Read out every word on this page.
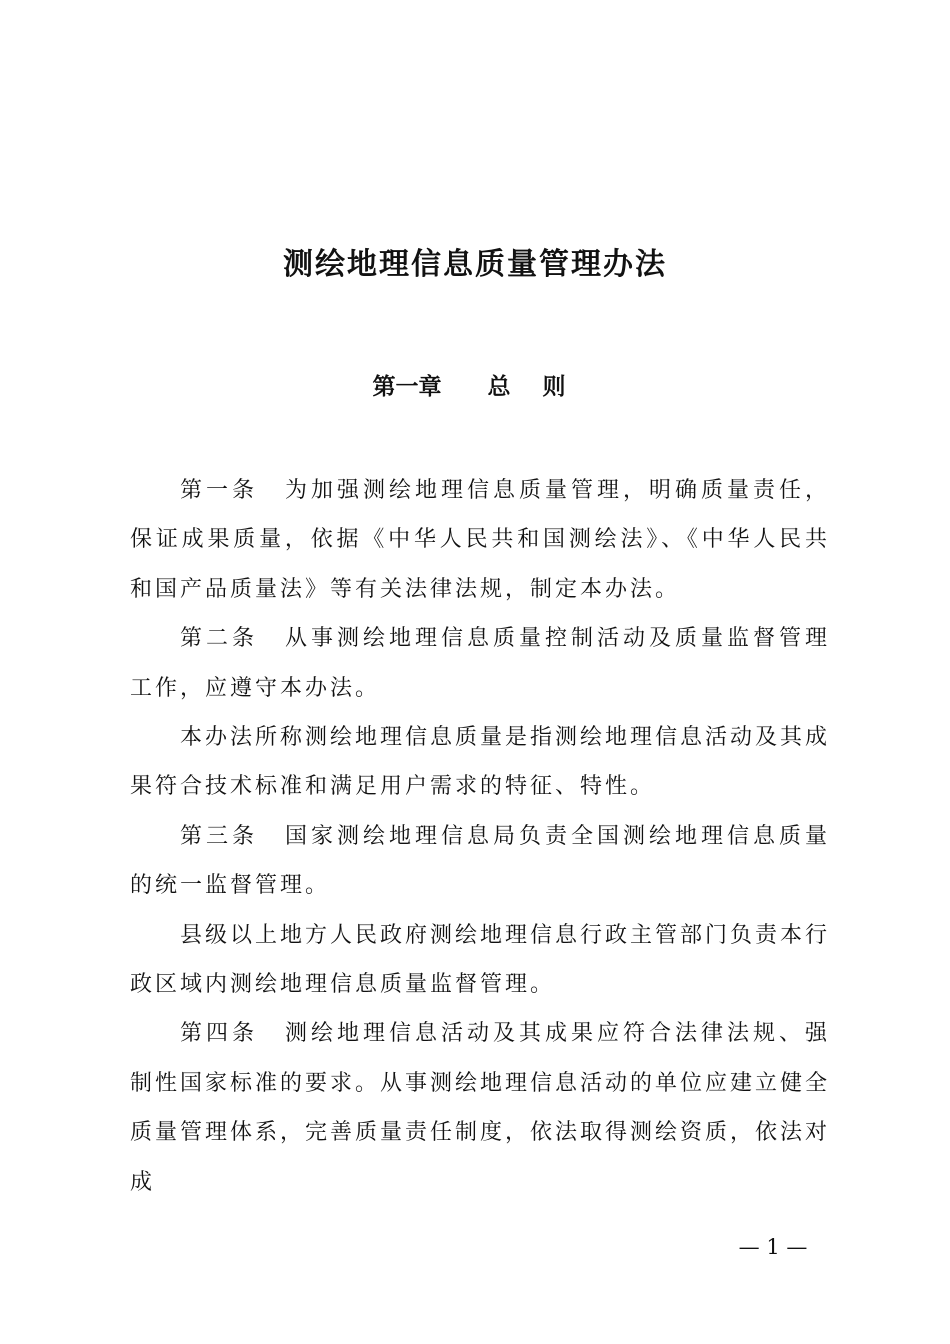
测绘地理信息质量管理办法
第一章 总 则

第一条 为加强测绘地理信息质量管理，明确质量责任，保证成果质量，依据《中华人民共和国测绘法》、《中华人民共和国产品质量法》等有关法律法规，制定本办法。

第二条 从事测绘地理信息质量控制活动及质量监督管理工作，应遵守本办法。

本办法所称测绘地理信息质量是指测绘地理信息活动及其成果符合技术标准和满足用户需求的特征、特性。

第三条 国家测绘地理信息局负责全国测绘地理信息质量的统一监督管理。

县级以上地方人民政府测绘地理信息行政主管部门负责本行政区域内测绘地理信息质量监督管理。

第四条 测绘地理信息活动及其成果应符合法律法规、强制性国家标准的要求。从事测绘地理信息活动的单位应建立健全质量管理体系，完善质量责任制度，依法取得测绘资质，依法对成

— 1 —
